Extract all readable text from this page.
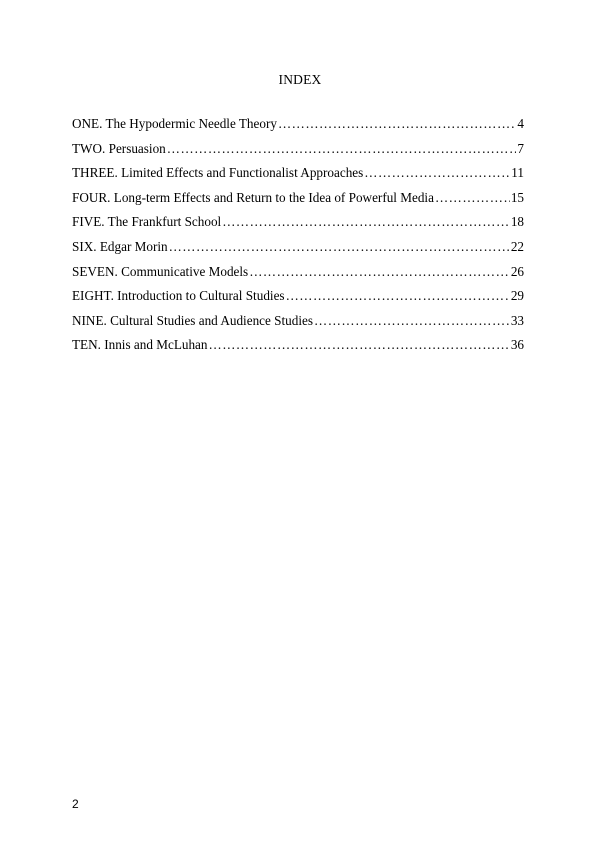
INDEX
ONE. The Hypodermic Needle Theory ………………………………………………………………………………………………………………………	4
TWO. Persuasion ………………………………………………………………………………………………………………………	7
THREE. Limited Effects and Functionalist Approaches ………………………………………………………………………………………………………………………	11
FOUR. Long-term Effects and Return to the Idea of Powerful Media ………………………………………………………………………………………………………………………	15
FIVE. The Frankfurt School ………………………………………………………………………………………………………………………	18
SIX. Edgar Morin ………………………………………………………………………………………………………………………	22
SEVEN. Communicative Models ………………………………………………………………………………………………………………………	26
EIGHT. Introduction to Cultural Studies ………………………………………………………………………………………………………………………	29
NINE. Cultural Studies and Audience Studies ………………………………………………………………………………………………………………………	33
TEN. Innis and McLuhan ………………………………………………………………………………………………………………………	36
2
